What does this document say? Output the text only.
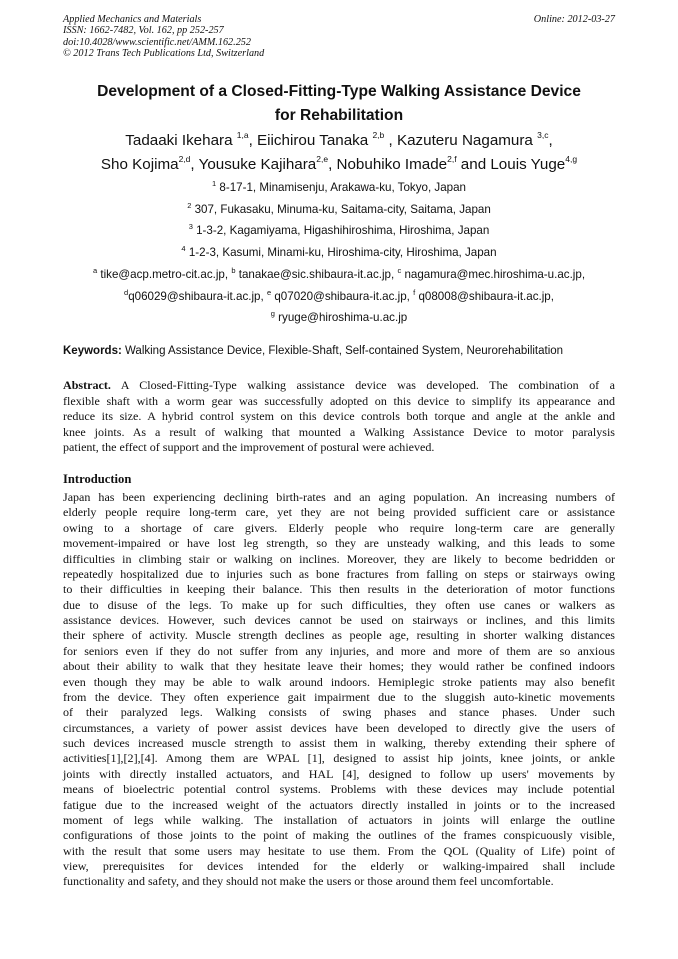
Applied Mechanics and Materials
ISSN: 1662-7482, Vol. 162, pp 252-257
doi:10.4028/www.scientific.net/AMM.162.252
© 2012 Trans Tech Publications Ltd, Switzerland
Online: 2012-03-27
Development of a Closed-Fitting-Type Walking Assistance Device
for Rehabilitation
Tadaaki Ikehara $^{1,a}$, Eiichirou Tanaka $^{2,b}$ , Kazuteru Nagamura $^{3,c}$,
Sho Kojima$^{2,d}$, Yousuke Kajihara$^{2,e}$, Nobuhiko Imade$^{2,f}$ and Louis Yuge$^{4,g}$
$^1$ 8-17-1, Minamisenju, Arakawa-ku, Tokyo, Japan
$^2$ 307, Fukasaku, Minuma-ku, Saitama-city, Saitama, Japan
$^3$ 1-3-2, Kagamiyama, Higashihiroshima, Hiroshima, Japan
$^4$ 1-2-3, Kasumi, Minami-ku, Hiroshima-city, Hiroshima, Japan
$^a$ tike@acp.metro-cit.ac.jp, $^b$ tanakae@sic.shibaura-it.ac.jp, $^c$ nagamura@mec.hiroshima-u.ac.jp,
$^d$q06029@shibaura-it.ac.jp, $^e$ q07020@shibaura-it.ac.jp, $^f$ q08008@shibaura-it.ac.jp,
$^g$ ryuge@hiroshima-u.ac.jp
Keywords: Walking Assistance Device, Flexible-Shaft, Self-contained System, Neurorehabilitation
Abstract. A Closed-Fitting-Type walking assistance device was developed. The combination of a
flexible shaft with a worm gear was successfully adopted on this device to simplify its appearance and
reduce its size. A hybrid control system on this device controls both torque and angle at the ankle and
knee joints. As a result of walking that mounted a Walking Assistance Device to motor paralysis
patient, the effect of support and the improvement of postural were achieved.
Introduction
Japan has been experiencing declining birth-rates and an aging population. An increasing numbers of
elderly people require long-term care, yet they are not being provided sufficient care or assistance
owing to a shortage of care givers. Elderly people who require long-term care are generally
movement-impaired or have lost leg strength, so they are unsteady walking, and this leads to some
difficulties in climbing stair or walking on inclines. Moreover, they are likely to become bedridden or
repeatedly hospitalized due to injuries such as bone fractures from falling on steps or stairways owing
to their difficulties in keeping their balance. This then results in the deterioration of motor functions
due to disuse of the legs. To make up for such difficulties, they often use canes or walkers as
assistance devices. However, such devices cannot be used on stairways or inclines, and this limits
their sphere of activity. Muscle strength declines as people age, resulting in shorter walking distances
for seniors even if they do not suffer from any injuries, and more and more of them are so anxious
about their ability to walk that they hesitate leave their homes; they would rather be confined indoors
even though they may be able to walk around indoors. Hemiplegic stroke patients may also benefit
from the device. They often experience gait impairment due to the sluggish auto-kinetic movements
of their paralyzed legs. Walking consists of swing phases and stance phases. Under such
circumstances, a variety of power assist devices have been developed to directly give the users of
such devices increased muscle strength to assist them in walking, thereby extending their sphere of
activities[1],[2],[4]. Among them are WPAL [1], designed to assist hip joints, knee joints, or ankle
joints with directly installed actuators, and HAL [4], designed to follow up users' movements by
means of bioelectric potential control systems. Problems with these devices may include potential
fatigue due to the increased weight of the actuators directly installed in joints or to the increased
moment of legs while walking. The installation of actuators in joints will enlarge the outline
configurations of those joints to the point of making the outlines of the frames conspicuously visible,
with the result that some users may hesitate to use them. From the QOL (Quality of Life) point of
view, prerequisites for devices intended for the elderly or walking-impaired shall include
functionality and safety, and they should not make the users or those around them feel uncomfortable.
